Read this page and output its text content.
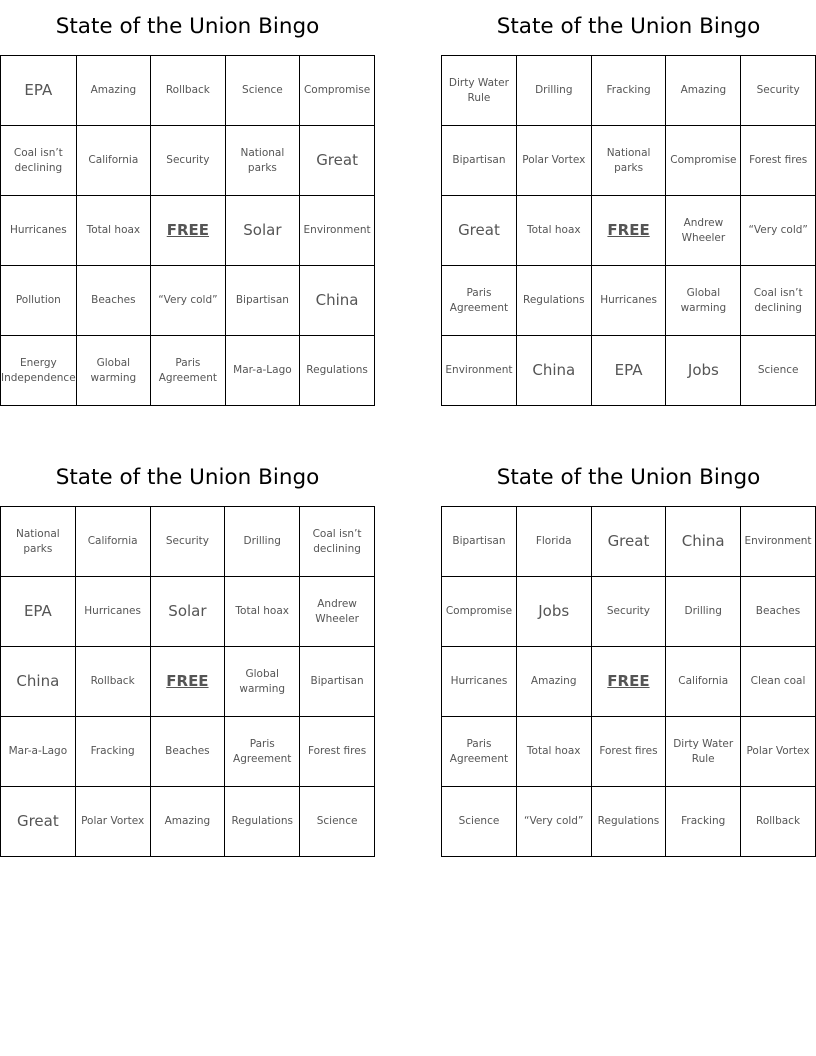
State of the Union Bingo
EPA	Amazing	Rollback	Science	Compromise
Coal isn’t declining	California	Security	National parks	Great
Hurricanes	Total hoax	FREE	Solar	Environment
Pollution	Beaches	“Very cold”	Bipartisan	China
Energy Independence	Global warming	Paris Agreement	Mar-a-Lago	Regulations
State of the Union Bingo
Dirty Water Rule	Drilling	Fracking	Amazing	Security
Bipartisan	Polar Vortex	National parks	Compromise	Forest fires
Great	Total hoax	FREE	Andrew Wheeler	“Very cold”
Paris Agreement	Regulations	Hurricanes	Global warming	Coal isn’t declining
Environment	China	EPA	Jobs	Science
State of the Union Bingo
National parks	California	Security	Drilling	Coal isn’t declining
EPA	Hurricanes	Solar	Total hoax	Andrew Wheeler
China	Rollback	FREE	Global warming	Bipartisan
Mar-a-Lago	Fracking	Beaches	Paris Agreement	Forest fires
Great	Polar Vortex	Amazing	Regulations	Science
State of the Union Bingo
Bipartisan	Florida	Great	China	Environment
Compromise	Jobs	Security	Drilling	Beaches
Hurricanes	Amazing	FREE	California	Clean coal
Paris Agreement	Total hoax	Forest fires	Dirty Water Rule	Polar Vortex
Science	“Very cold”	Regulations	Fracking	Rollback
